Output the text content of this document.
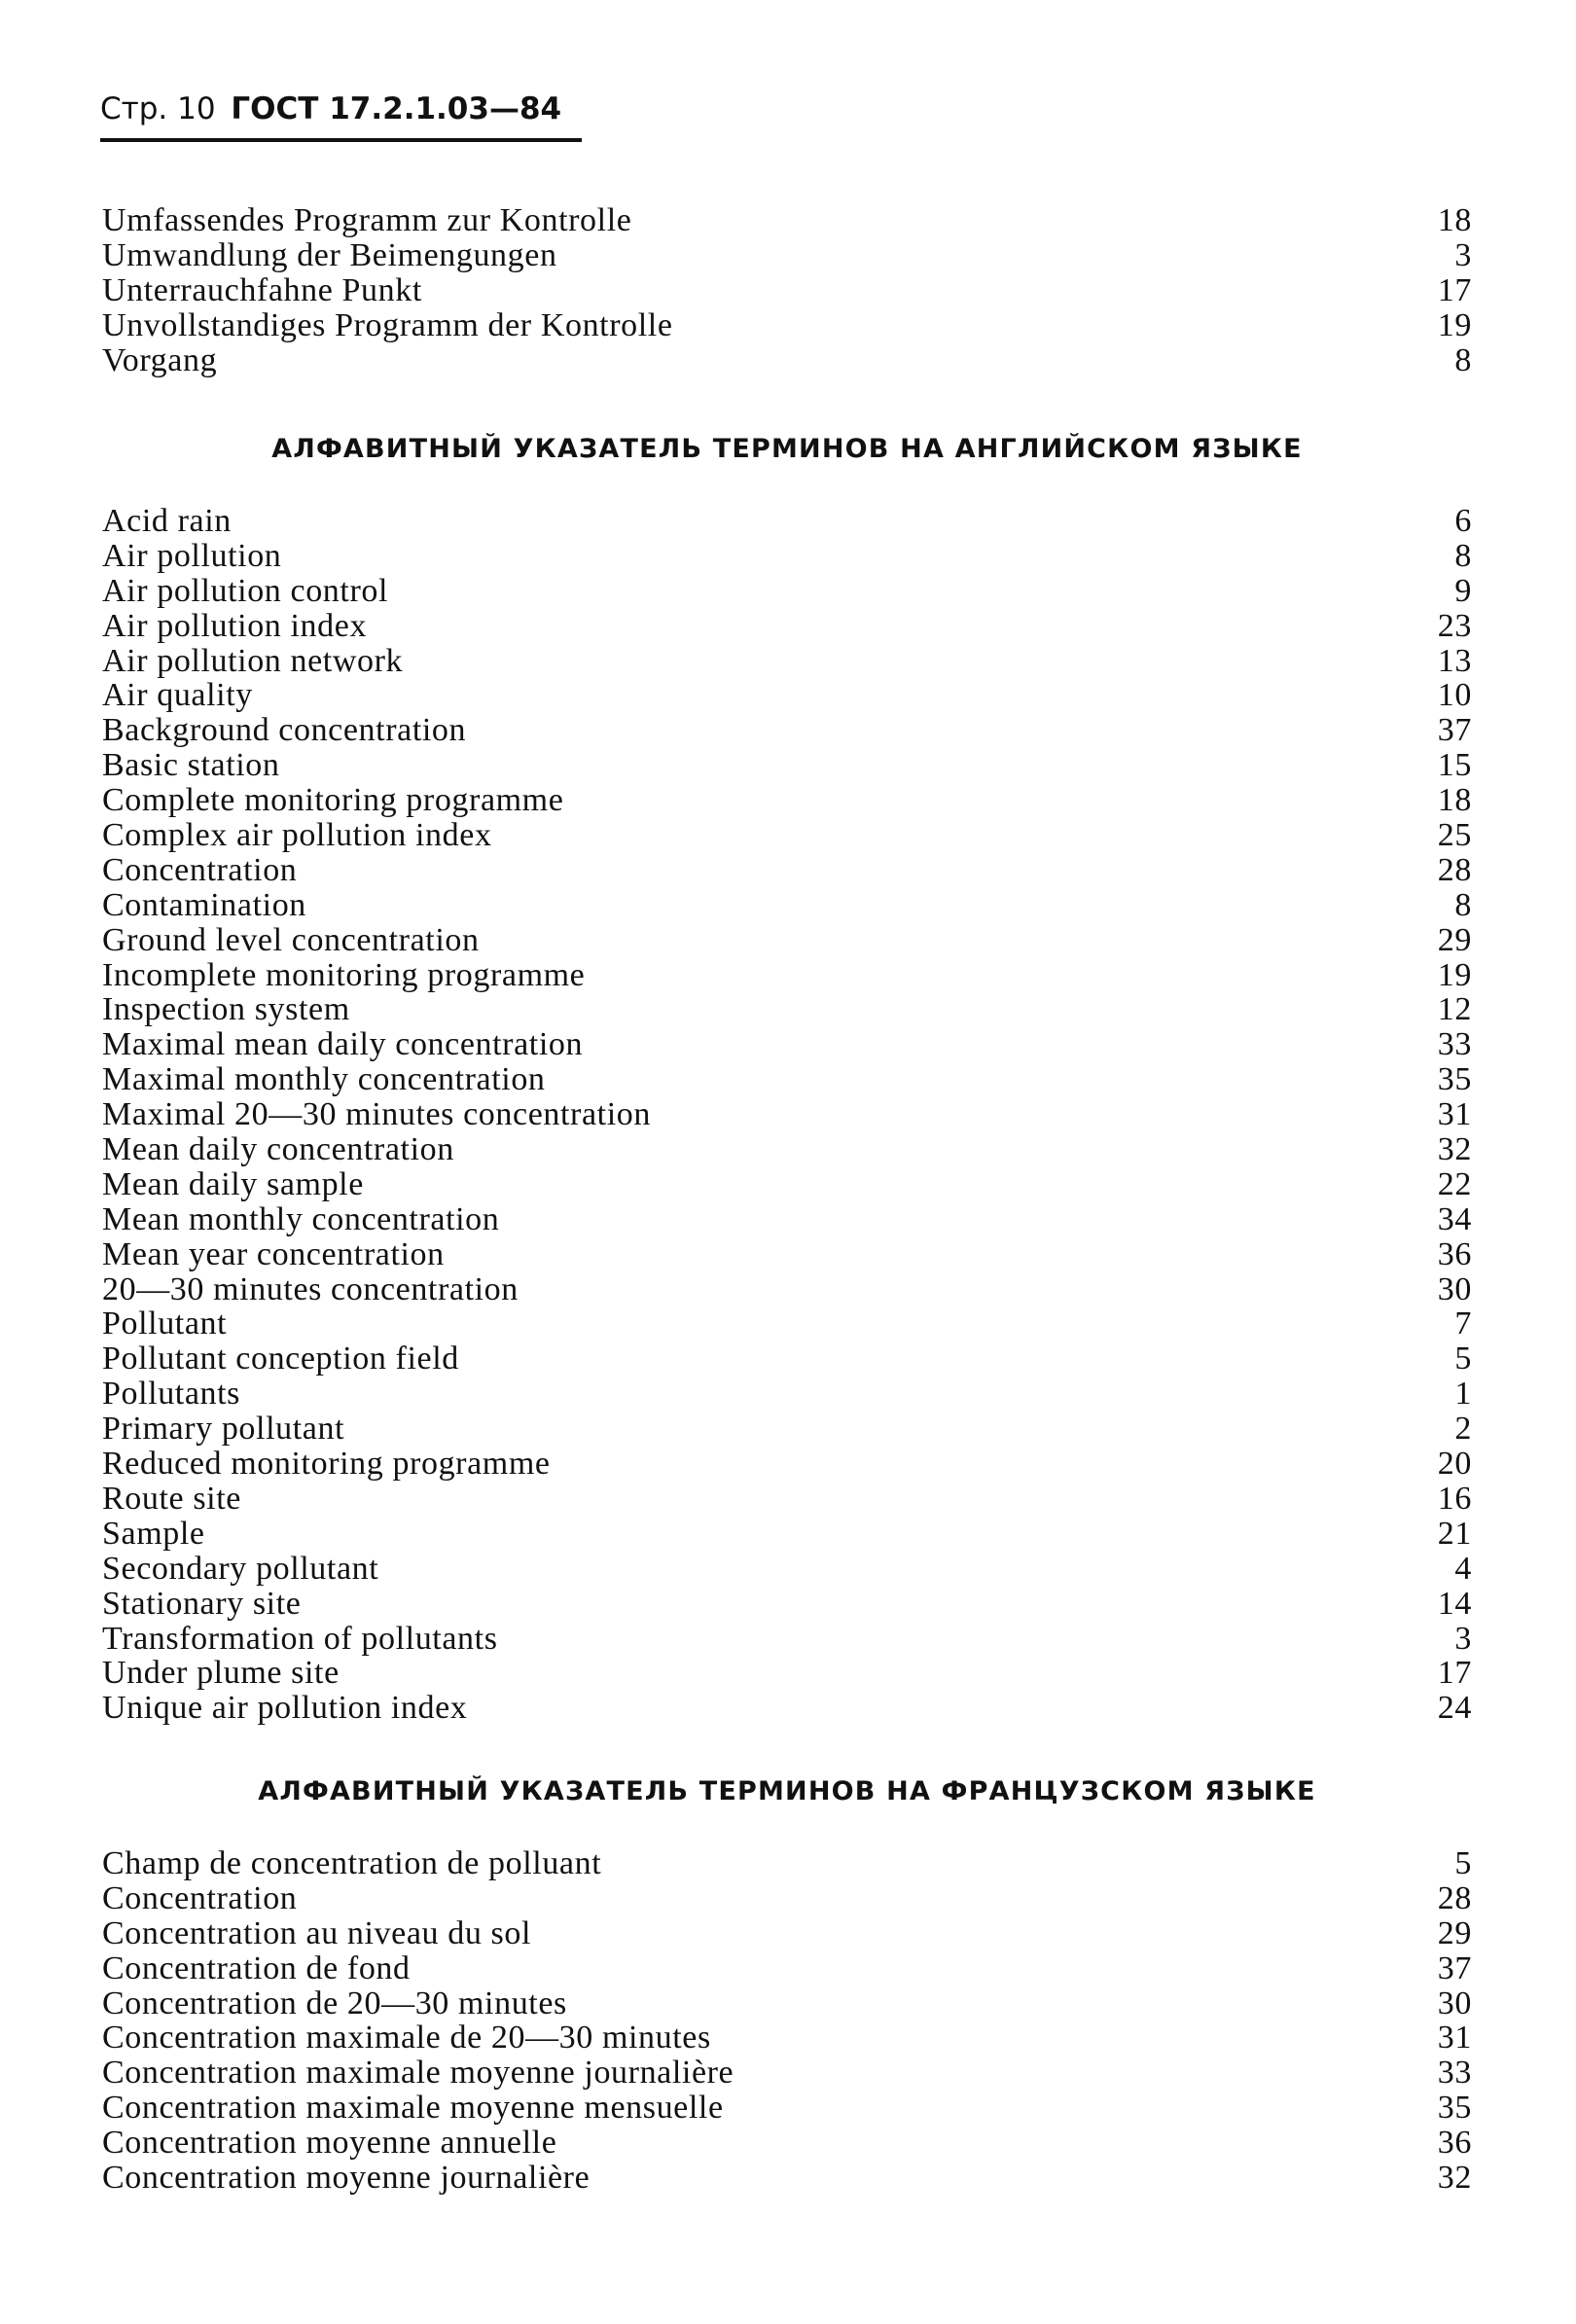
Стр. 10 ГОСТ 17.2.1.03—84
Umfassendes Programm zur Kontrolle	18
Umwandlung der Beimengungen	3
Unterrauchfahne Punkt	17
Unvollstandiges Programm der Kontrolle	19
Vorgang	8
АЛФАВИТНЫЙ УКАЗАТЕЛЬ ТЕРМИНОВ НА АНГЛИЙСКОМ ЯЗЫКЕ
Acid rain	6
Air pollution	8
Air pollution control	9
Air pollution index	23
Air pollution network	13
Air quality	10
Background concentration	37
Basic station	15
Complete monitoring programme	18
Complex air pollution index	25
Concentration	28
Contamination	8
Ground level concentration	29
Incomplete monitoring programme	19
Inspection system	12
Maximal mean daily concentration	33
Maximal monthly concentration	35
Maximal 20—30 minutes concentration	31
Mean daily concentration	32
Mean daily sample	22
Mean monthly concentration	34
Mean year concentration	36
20—30 minutes concentration	30
Pollutant	7
Pollutant conception field	5
Pollutants	1
Primary pollutant	2
Reduced monitoring programme	20
Route site	16
Sample	21
Secondary pollutant	4
Stationary site	14
Transformation of pollutants	3
Under plume site	17
Unique air pollution index	24
АЛФАВИТНЫЙ УКАЗАТЕЛЬ ТЕРМИНОВ НА ФРАНЦУЗСКОМ ЯЗЫКЕ
Champ de concentration de polluant	5
Concentration	28
Concentration au niveau du sol	29
Concentration de fond	37
Concentration de 20—30 minutes	30
Concentration maximale de 20—30 minutes	31
Concentration maximale moyenne journalière	33
Concentration maximale moyenne mensuelle	35
Concentration moyenne annuelle	36
Concentration moyenne journalière	32
